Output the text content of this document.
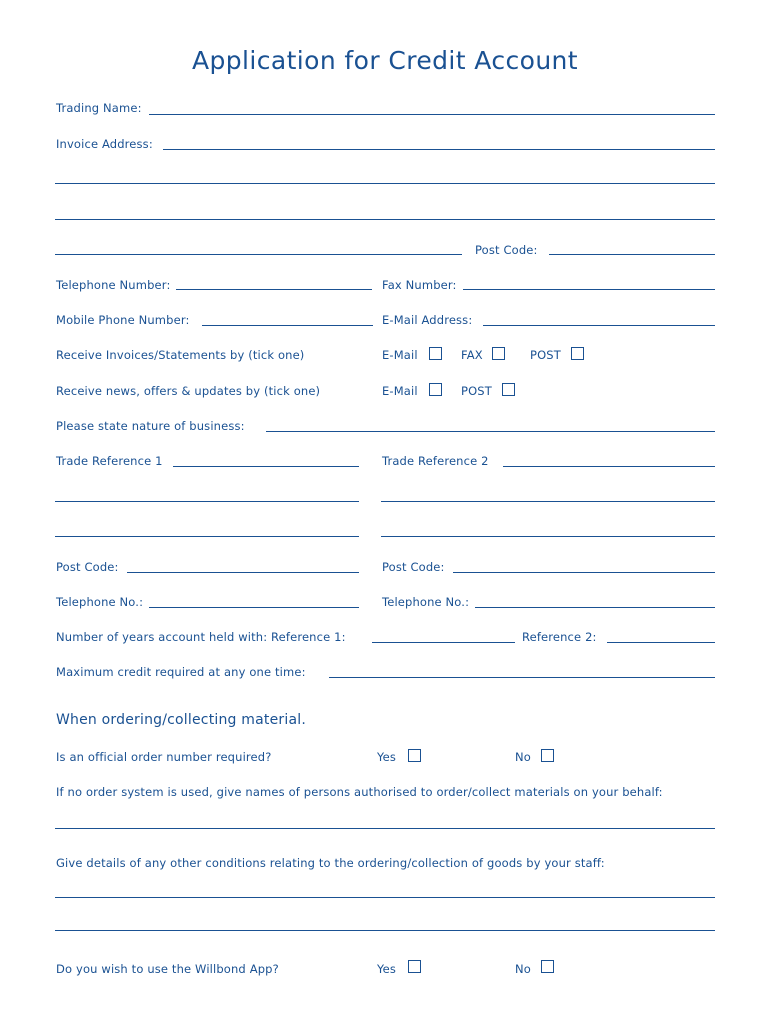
Application for Credit Account
Trading Name:
Invoice Address:
Post Code:
Telephone Number:	Fax Number:
Mobile Phone Number:	E-Mail Address:
Receive Invoices/Statements by (tick one)	E-Mail	FAX	POST
Receive news, offers & updates by (tick one)	E-Mail	POST
Please state nature of business:
Trade Reference 1	Trade Reference 2
Post Code:	Post Code:
Telephone No.:	Telephone No.:
Number of years account held with: Reference 1:	Reference 2:
Maximum credit required at any one time:
When ordering/collecting material.
Is an official order number required?	Yes	No
If no order system is used, give names of persons authorised to order/collect materials on your behalf:
Give details of any other conditions relating to the ordering/collection of goods by your staff:
Do you wish to use the Willbond App?	Yes	No
